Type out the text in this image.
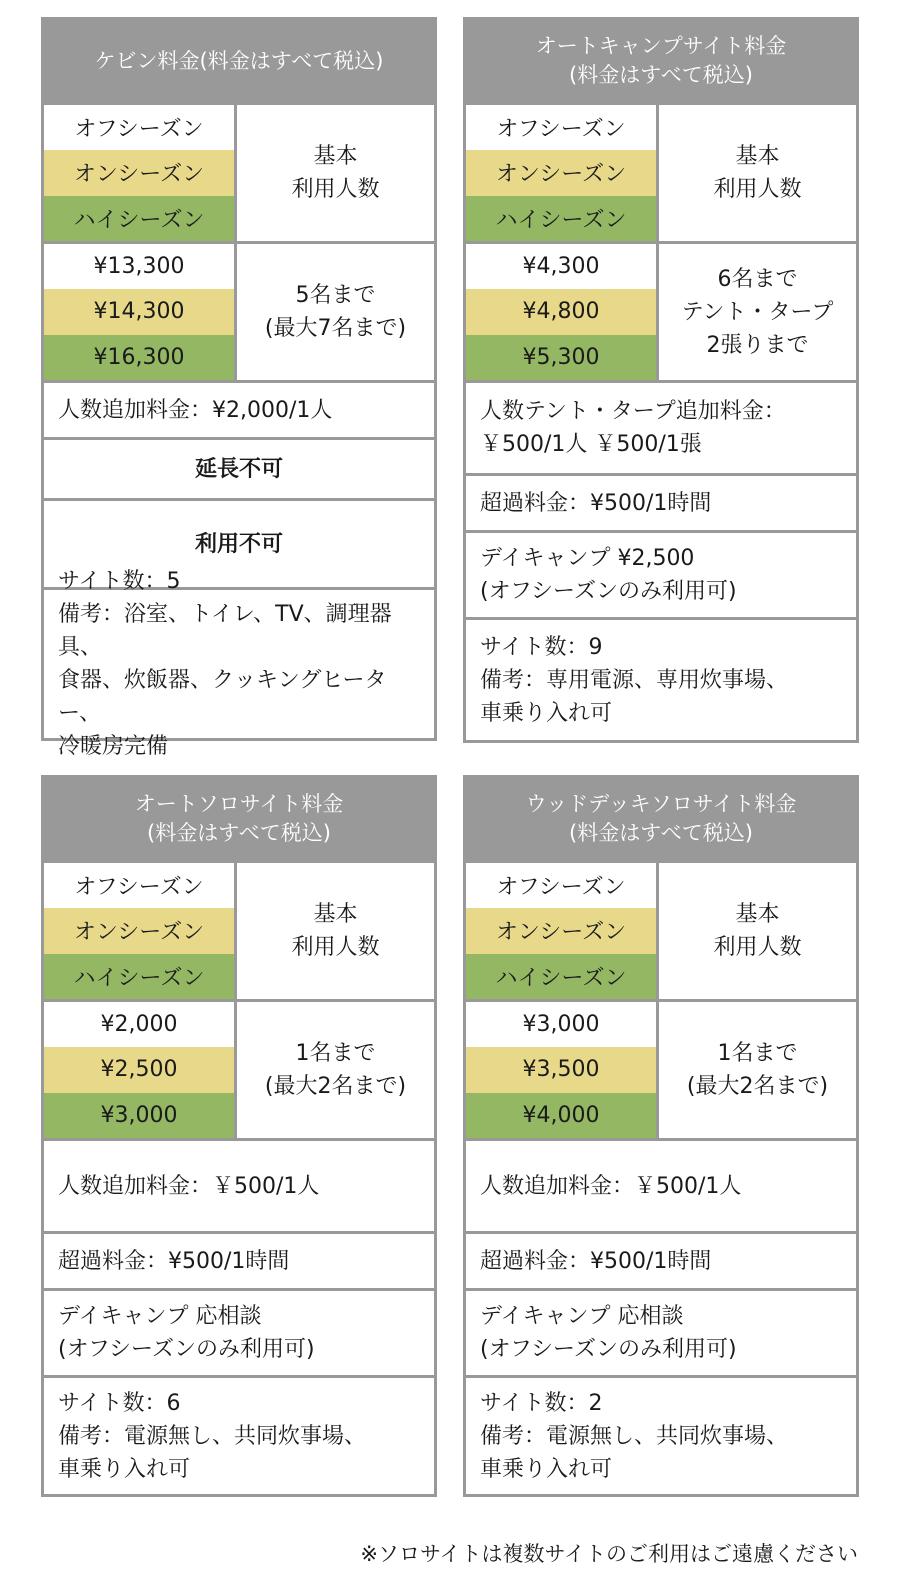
ケビン料金(料金はすべて税込)
オフシーズン
オンシーズン
ハイシーズン
基本
利用人数
¥13,300
¥14,300
¥16,300
5名まで
(最大7名まで)
人数追加料金：¥2,000/1人
延長不可
利用不可
サイト数：5
備考：浴室、トイレ、TV、調理器具、
食器、炊飯器、クッキングヒーター、
冷暖房完備
オートキャンプサイト料金
(料金はすべて税込)
オフシーズン
オンシーズン
ハイシーズン
基本
利用人数
¥4,300
¥4,800
¥5,300
6名まで
テント・タープ
2張りまで
人数テント・タープ追加料金：
￥500/1人 ￥500/1張
超過料金：¥500/1時間
デイキャンプ ¥2,500
(オフシーズンのみ利用可)
サイト数：9
備考：専用電源、専用炊事場、
車乗り入れ可
オートソロサイト料金
(料金はすべて税込)
オフシーズン
オンシーズン
ハイシーズン
基本
利用人数
¥2,000
¥2,500
¥3,000
1名まで
(最大2名まで)
人数追加料金：￥500/1人
超過料金：¥500/1時間
デイキャンプ 応相談
(オフシーズンのみ利用可)
サイト数：6
備考：電源無し、共同炊事場、
車乗り入れ可
ウッドデッキソロサイト料金
(料金はすべて税込)
オフシーズン
オンシーズン
ハイシーズン
基本
利用人数
¥3,000
¥3,500
¥4,000
1名まで
(最大2名まで)
人数追加料金：￥500/1人
超過料金：¥500/1時間
デイキャンプ 応相談
(オフシーズンのみ利用可)
サイト数：2
備考：電源無し、共同炊事場、
車乗り入れ可
※ソロサイトは複数サイトのご利用はご遠慮ください
